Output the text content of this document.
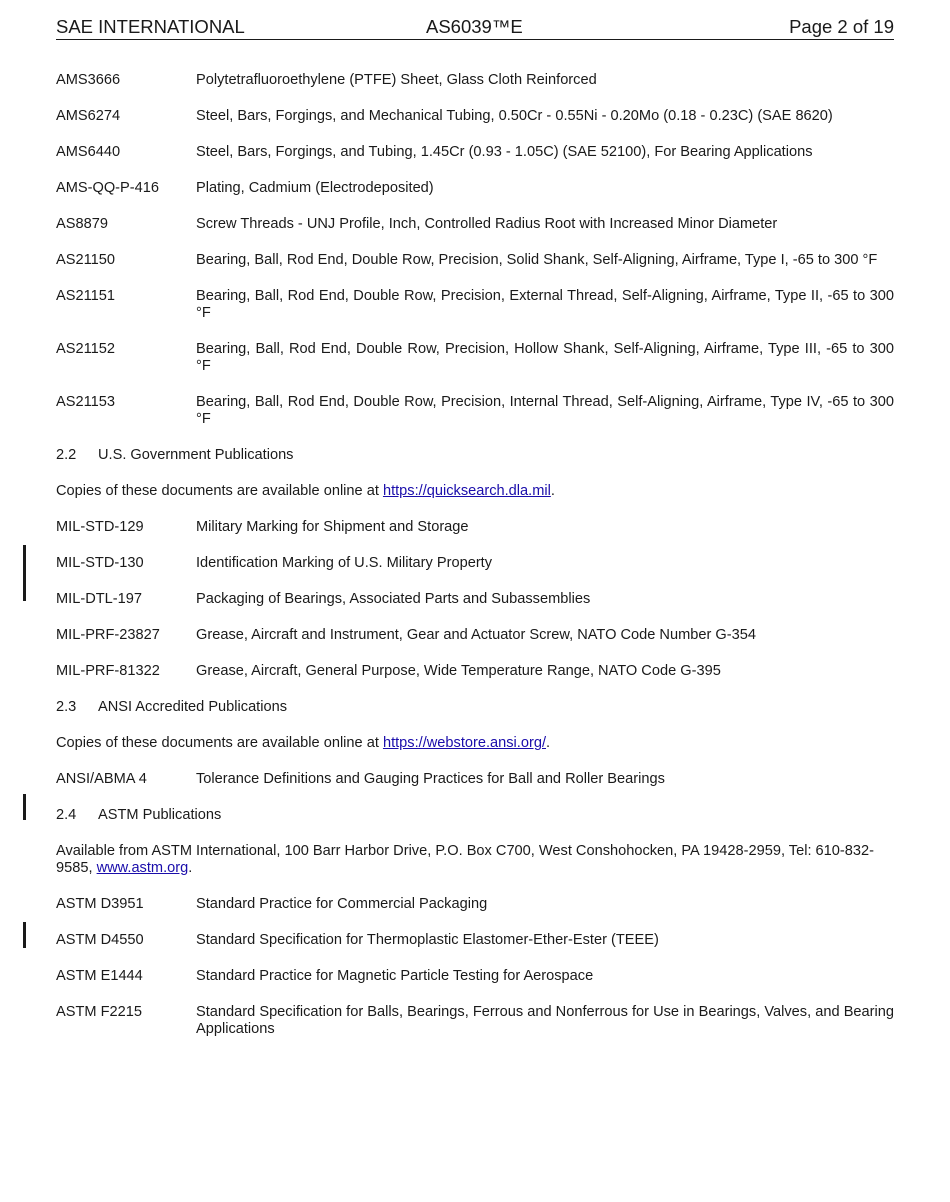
SAE INTERNATIONAL	AS6039™E	Page 2 of 19
AMS3666	Polytetrafluoroethylene (PTFE) Sheet, Glass Cloth Reinforced
AMS6274	Steel, Bars, Forgings, and Mechanical Tubing, 0.50Cr - 0.55Ni - 0.20Mo (0.18 - 0.23C) (SAE 8620)
AMS6440	Steel, Bars, Forgings, and Tubing, 1.45Cr (0.93 - 1.05C) (SAE 52100), For Bearing Applications
AMS-QQ-P-416	Plating, Cadmium (Electrodeposited)
AS8879	Screw Threads - UNJ Profile, Inch, Controlled Radius Root with Increased Minor Diameter
AS21150	Bearing, Ball, Rod End, Double Row, Precision, Solid Shank, Self-Aligning, Airframe, Type I, -65 to 300 °F
AS21151	Bearing, Ball, Rod End, Double Row, Precision, External Thread, Self-Aligning, Airframe, Type II, -65 to 300 °F
AS21152	Bearing, Ball, Rod End, Double Row, Precision, Hollow Shank, Self-Aligning, Airframe, Type III, -65 to 300 °F
AS21153	Bearing, Ball, Rod End, Double Row, Precision, Internal Thread, Self-Aligning, Airframe, Type IV, -65 to 300 °F
2.2 U.S. Government Publications
Copies of these documents are available online at https://quicksearch.dla.mil.
MIL-STD-129	Military Marking for Shipment and Storage
MIL-STD-130	Identification Marking of U.S. Military Property
MIL-DTL-197	Packaging of Bearings, Associated Parts and Subassemblies
MIL-PRF-23827	Grease, Aircraft and Instrument, Gear and Actuator Screw, NATO Code Number G-354
MIL-PRF-81322	Grease, Aircraft, General Purpose, Wide Temperature Range, NATO Code G-395
2.3 ANSI Accredited Publications
Copies of these documents are available online at https://webstore.ansi.org/.
ANSI/ABMA 4	Tolerance Definitions and Gauging Practices for Ball and Roller Bearings
2.4 ASTM Publications
Available from ASTM International, 100 Barr Harbor Drive, P.O. Box C700, West Conshohocken, PA 19428-2959, Tel: 610-832-9585, www.astm.org.
ASTM D3951	Standard Practice for Commercial Packaging
ASTM D4550	Standard Specification for Thermoplastic Elastomer-Ether-Ester (TEEE)
ASTM E1444	Standard Practice for Magnetic Particle Testing for Aerospace
ASTM F2215	Standard Specification for Balls, Bearings, Ferrous and Nonferrous for Use in Bearings, Valves, and Bearing Applications
